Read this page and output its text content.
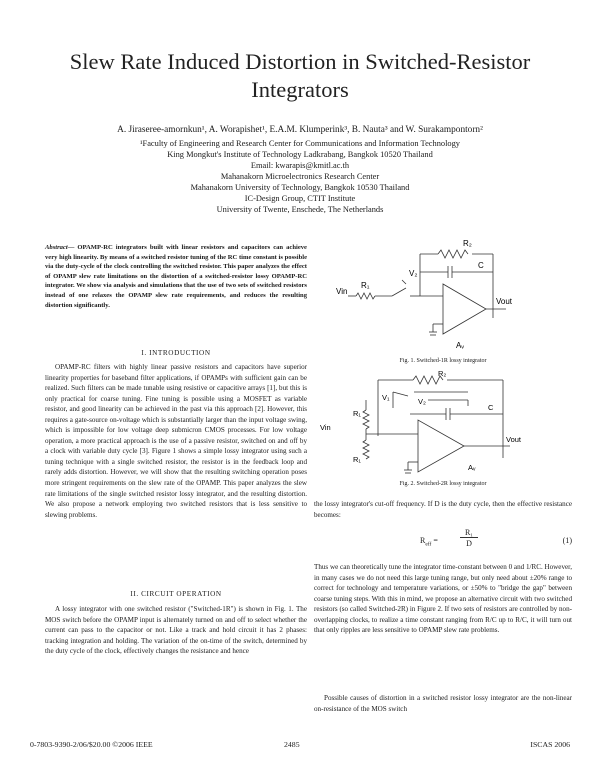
Slew Rate Induced Distortion in Switched-Resistor Integrators
A. Jiraseree-amornkun¹, A. Worapishet¹, E.A.M. Klumperink³, B. Nauta³ and W. Surakampontorn²
¹Faculty of Engineering and Research Center for Communications and Information Technology
King Mongkut's Institute of Technology Ladkrabang, Bangkok 10520 Thailand
Email: kwarapis@kmitl.ac.th
Mahanakorn Microelectronics Research Center
Mahanakorn University of Technology, Bangkok 10530 Thailand
IC-Design Group, CTIT Institute
University of Twente, Enschede, The Netherlands
Abstract— OPAMP-RC integrators built with linear resistors and capacitors can achieve very high linearity. By means of a switched resistor tuning of the RC time constant is possible via the duty-cycle of the clock controlling the switched resistor. This paper analyzes the effect of OPAMP slew rate limitations on the distortion of a switched-resistor lossy OPAMP-RC integrator. We show via analysis and simulations that the use of two sets of switched resistors instead of one relaxes the OPAMP slew rate requirements, and reduces the resulting distortion significantly.
I. INTRODUCTION
OPAMP-RC filters with highly linear passive resistors and capacitors have superior linearity properties for baseband filter applications, if OPAMPs with sufficient gain can be realized. Such filters can be made tunable using resistive or capacitive arrays [1], but this is only practical for coarse tuning. Fine tuning is possible using a MOSFET as variable resistor, and good linearity can be achieved in the past via this approach [2]. However, this requires a gate-source on-voltage which is substantially larger than the input voltage swing, which is impossible for low voltage deep submicron CMOS processes. For low voltage operation, a more practical approach is the use of a passive resistor, switched on and off by a clock with variable duty cycle [3]. Figure 1 shows a simple lossy integrator using such a tuning technique with a single switched resistor, the resistor is in the feedback loop and rarely adds distortion. However, we will show that the resulting switching operation poses more stringent requirements on the slew rate of the OPAMP. This paper analyzes the slew rate limitations of the single switched resistor lossy integrator, and the resulting distortion. We also propose a network employing two switched resistors that is less sensitive to slewing problems.
II. CIRCUIT OPERATION
A lossy integrator with one switched resistor ("Switched-1R") is shown in Fig. 1. The MOS switch before the OPAMP input is alternately turned on and off to select whether the current can pass to the capacitor or not. Like a track and hold circuit it has 2 phases: tracking integration and holding. The variation of the on-time of the switch, determined by the duty cycle of the clock, effectively changes the resistance and hence
R₂
Vin
R₁
V₂
C
Vout
Aᵥ
Fig. 1. Switched-1R lossy integrator
R₂
V₁	V₂
C
R₁
Vin
R₁
Vout
Aᵥ
Fig. 2. Switched-2R lossy integrator
the lossy integrator's cut-off frequency. If D is the duty cycle, then the effective resistance becomes:
$R_{eff}$ =
R₁
D	(1)
Thus we can theoretically tune the integrator time-constant between 0 and 1/RC. However, in many cases we do not need this large tuning range, but only need about ±20% range to correct for technology and temperature variations, or ±50% to "bridge the gap" between coarse tuning steps. With this in mind, we propose an alternative circuit with two switched resistors (so called Switched-2R) in Figure 2. If two sets of resistors are controlled by non-overlapping clocks, to realize a time constant ranging from R/C up to R/C, it will turn out that only ripples are less sensitive to OPAMP slew rate problems.
Possible causes of distortion in a switched resistor lossy integrator are the non-linear on-resistance of the MOS switch
0-7803-9390-2/06/$20.00 ©2006 IEEE	2485	ISCAS 2006
